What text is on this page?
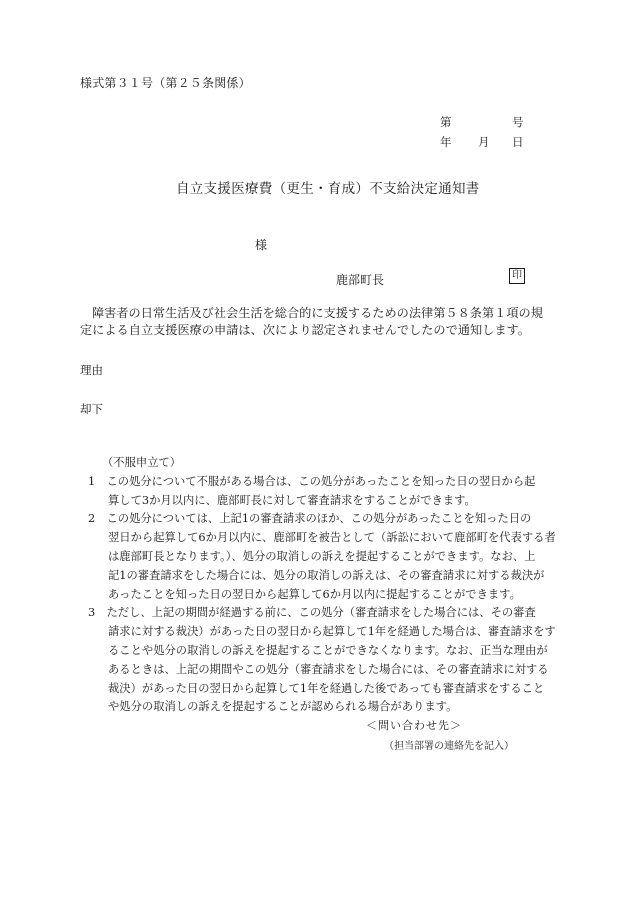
様式第３１号（第２５条関係）
第	号
年 月 日
自立支援医療費（更生・育成）不支給決定通知書
様
鹿部町長	印
障害者の日常生活及び社会生活を総合的に支援するための法律第５８条第１項の規
定による自立支援医療の申請は、次により認定されませんでしたので通知します。
理由
却下
（不服申立て）
1　この処分について不服がある場合は、この処分があったことを知った日の翌日から起
算して3か月以内に、鹿部町長に対して審査請求をすることができます。
2　この処分については、上記1の審査請求のほか、この処分があったことを知った日の
翌日から起算して6か月以内に、鹿部町を被告として（訴訟において鹿部町を代表する者
は鹿部町長となります。）、処分の取消しの訴えを提起することができます。なお、上
記1の審査請求をした場合には、処分の取消しの訴えは、その審査請求に対する裁決が
あったことを知った日の翌日から起算して6か月以内に提起することができます。
3　ただし、上記の期間が経過する前に、この処分（審査請求をした場合には、その審査
請求に対する裁決）があった日の翌日から起算して1年を経過した場合は、審査請求をす
ることや処分の取消しの訴えを提起することができなくなります。なお、正当な理由が
あるときは、上記の期間やこの処分（審査請求をした場合には、その審査請求に対する
裁決）があった日の翌日から起算して1年を経過した後であっても審査請求をすること
や処分の取消しの訴えを提起することが認められる場合があります。
＜問い合わせ先＞
（担当部署の連絡先を記入）
